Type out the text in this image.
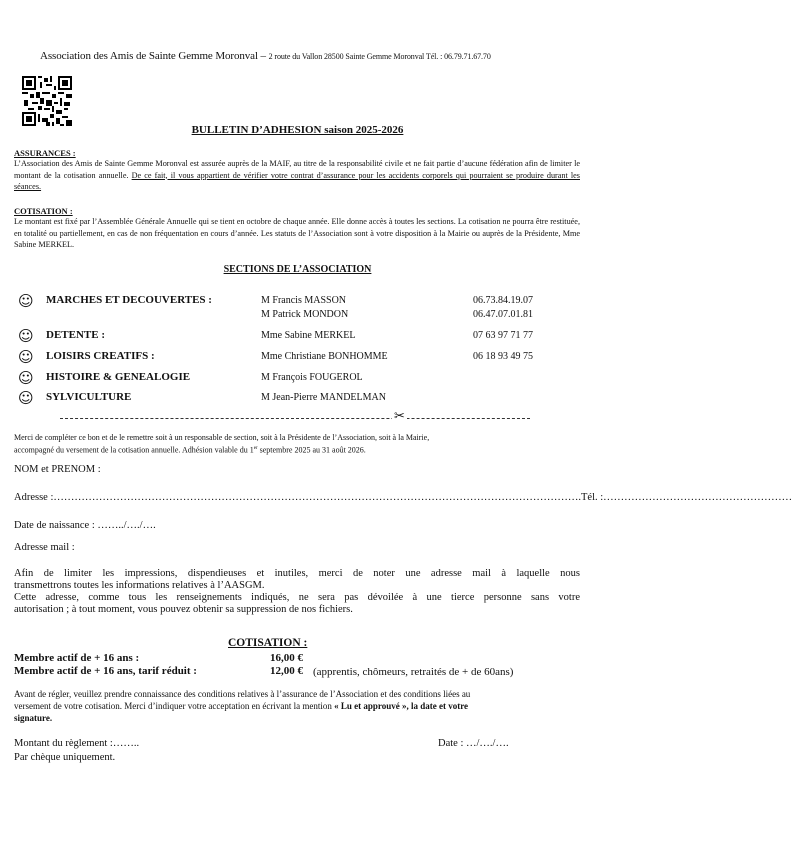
Association des Amis de Sainte Gemme Moronval – 2 route du Vallon 28500 Sainte Gemme Moronval Tél. : 06.79.71.67.70
BULLETIN D’ADHESION saison 2025-2026
ASSURANCES :
L’Association des Amis de Sainte Gemme Moronval est assurée auprès de la MAIF, au titre de la responsabilité civile et ne fait partie d’aucune fédération afin de limiter le montant de la cotisation annuelle. De ce fait, il vous appartient de vérifier votre contrat d’assurance pour les accidents corporels qui pourraient se produire durant les séances.
COTISATION :
Le montant est fixé par l’Assemblée Générale Annuelle qui se tient en octobre de chaque année. Elle donne accès à toutes les sections. La cotisation ne pourra être restituée, en totalité ou partiellement, en cas de non fréquentation en cours d’année. Les statuts de l’Association sont à votre disposition à la Mairie ou auprès de la Présidente, Mme Sabine MERKEL.
SECTIONS DE L’ASSOCIATION
☺ MARCHES ET DECOUVERTES :	M Francis MASSON	06.73.84.19.07
M Patrick MONDON	06.47.07.01.81
☺ DETENTE :	Mme Sabine MERKEL	07 63 97 71 77
☺ LOISIRS CREATIFS :	Mme Christiane BONHOMME	06 18 93 49 75
☺ HISTOIRE & GENEALOGIE	M François FOUGEROL
☺ SYLVICULTURE	M Jean-Pierre MANDELMAN
✂
Merci de compléter ce bon et de le remettre soit à un responsable de section, soit à la Présidente de l’Association, soit à la Mairie,
accompagné du versement de la cotisation annuelle. Adhésion valable du 1er septembre 2025 au 31 août 2026.
NOM et PRENOM :
Adresse :…………………………………………………………………………………………………………………………………….Tél. :………………………………………………
Date de naissance : ……../…./….
Adresse mail :
Afin de limiter les impressions, dispendieuses et inutiles, merci de noter une adresse mail à laquelle nous
transmettrons toutes les informations relatives à l’AASGM.
Cette adresse, comme tous les renseignements indiqués, ne sera pas dévoilée à une tierce personne sans votre
autorisation ; à tout moment, vous pouvez obtenir sa suppression de nos fichiers.
COTISATION :
Membre actif de + 16 ans :	16,00 €
Membre actif de + 16 ans, tarif réduit :	12,00 € (apprentis, chômeurs, retraités de + de 60ans)
Avant de régler, veuillez prendre connaissance des conditions relatives à l’assurance de l’Association et des conditions liées au
versement de votre cotisation. Merci d’indiquer votre acceptation en écrivant la mention « Lu et approuvé », la date et votre
signature.
Montant du règlement :……..
Par chèque uniquement.
Date : …/…./….
